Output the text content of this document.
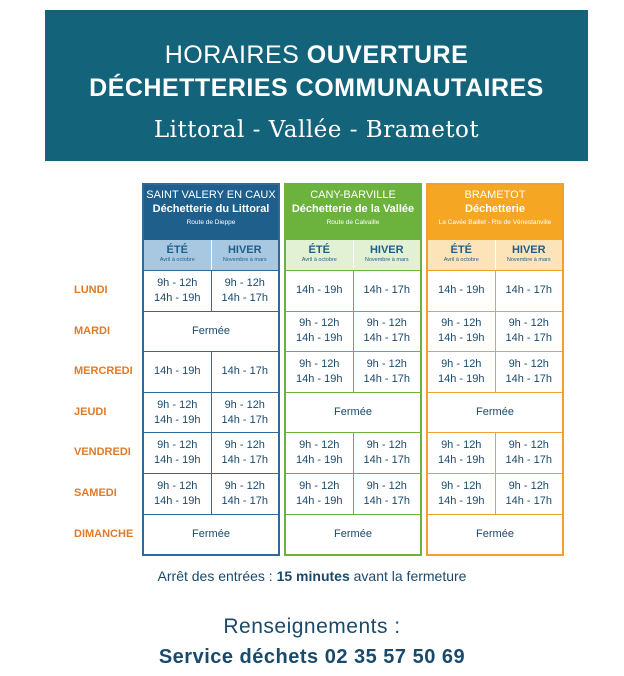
HORAIRES OUVERTURE
DÉCHETTERIES COMMUNAUTAIRES
Littoral - Vallée - Brametot
LUNDI
MARDI
MERCREDI
JEUDI
VENDREDI
SAMEDI
DIMANCHE
SAINT VALERY EN CAUX
Déchetterie du Littoral
Route de Dieppe
ÉTÉ
Avril à octobre
HIVER
Novembre à mars
9h - 12h
14h - 19h
9h - 12h
14h - 17h
Fermée
14h - 19h 14h - 17h
9h - 12h
14h - 19h
9h - 12h
14h - 17h
9h - 12h
14h - 19h
9h - 12h
14h - 17h
9h - 12h
14h - 19h
9h - 12h
14h - 17h
Fermée
CANY-BARVILLE
Déchetterie de la Vallée
Route de Calvaille
ÉTÉ
Avril à octobre
HIVER
Novembre à mars
14h - 19h 14h - 17h
9h - 12h
14h - 19h
9h - 12h
14h - 17h
9h - 12h
14h - 19h
9h - 12h
14h - 17h
Fermée
9h - 12h
14h - 19h
9h - 12h
14h - 17h
9h - 12h
14h - 19h
9h - 12h
14h - 17h
Fermée
BRAMETOT
Déchetterie
La Cavée Baillet - Rte de Vénestanville
ÉTÉ
Avril à octobre
HIVER
Novembre à mars
14h - 19h 14h - 17h
9h - 12h
14h - 19h
9h - 12h
14h - 17h
9h - 12h
14h - 19h
9h - 12h
14h - 17h
Fermée
9h - 12h
14h - 19h
9h - 12h
14h - 17h
9h - 12h
14h - 19h
9h - 12h
14h - 17h
Fermée
Arrêt des entrées : 15 minutes avant la fermeture
Renseignements :
Service déchets 02 35 57 50 69
